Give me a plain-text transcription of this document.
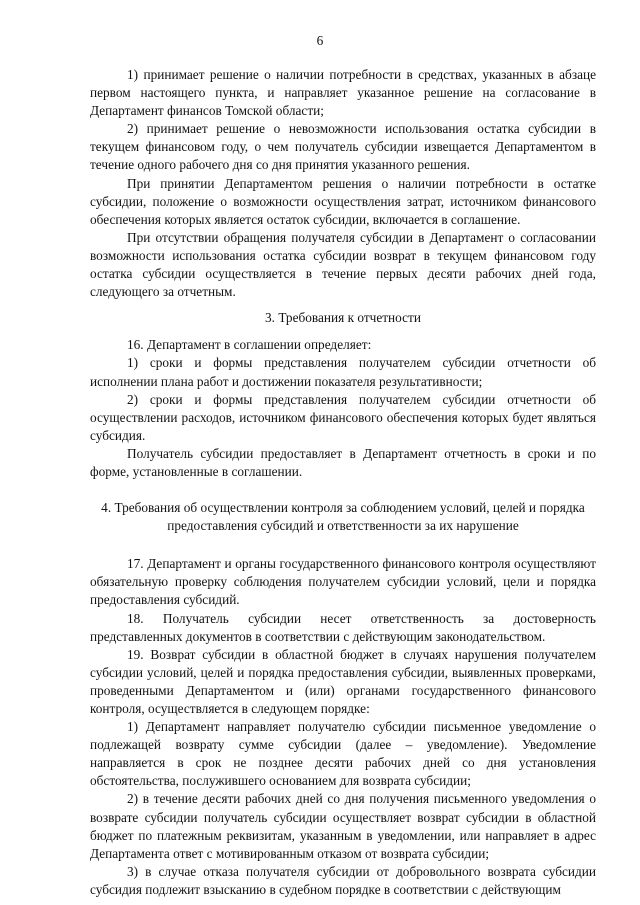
6

1) принимает решение о наличии потребности в средствах, указанных в абзаце первом настоящего пункта, и направляет указанное решение на согласование в Департамент финансов Томской области;

2) принимает решение о невозможности использования остатка субсидии в текущем финансовом году, о чем получатель субсидии извещается Департаментом в течение одного рабочего дня со дня принятия указанного решения.

При принятии Департаментом решения о наличии потребности в остатке субсидии, положение о возможности осуществления затрат, источником финансового обеспечения которых является остаток субсидии, включается в соглашение.

При отсутствии обращения получателя субсидии в Департамент о согласовании возможности использования остатка субсидии возврат в текущем финансовом году остатка субсидии осуществляется в течение первых десяти рабочих дней года, следующего за отчетным.

3. Требования к отчетности

16. Департамент в соглашении определяет:

1) сроки и формы представления получателем субсидии отчетности об исполнении плана работ и достижении показателя результативности;

2) сроки и формы представления получателем субсидии отчетности об осуществлении расходов, источником финансового обеспечения которых будет являться субсидия.

Получатель субсидии предоставляет в Департамент отчетность в сроки и по форме, установленные в соглашении.

4. Требования об осуществлении контроля за соблюдением условий, целей и порядка предоставления субсидий и ответственности за их нарушение

17. Департамент и органы государственного финансового контроля осуществляют обязательную проверку соблюдения получателем субсидии условий, цели и порядка предоставления субсидий.

18. Получатель субсидии несет ответственность за достоверность представленных документов в соответствии с действующим законодательством.

19. Возврат субсидии в областной бюджет в случаях нарушения получателем субсидии условий, целей и порядка предоставления субсидии, выявленных проверками, проведенными Департаментом и (или) органами государственного финансового контроля, осуществляется в следующем порядке:

1) Департамент направляет получателю субсидии письменное уведомление о подлежащей возврату сумме субсидии (далее – уведомление). Уведомление направляется в срок не позднее десяти рабочих дней со дня установления обстоятельства, послужившего основанием для возврата субсидии;

2) в течение десяти рабочих дней со дня получения письменного уведомления о возврате субсидии получатель субсидии осуществляет возврат субсидии в областной бюджет по платежным реквизитам, указанным в уведомлении, или направляет в адрес Департамента ответ с мотивированным отказом от возврата субсидии;

3) в случае отказа получателя субсидии от добровольного возврата субсидии субсидия подлежит взысканию в судебном порядке в соответствии с действующим
